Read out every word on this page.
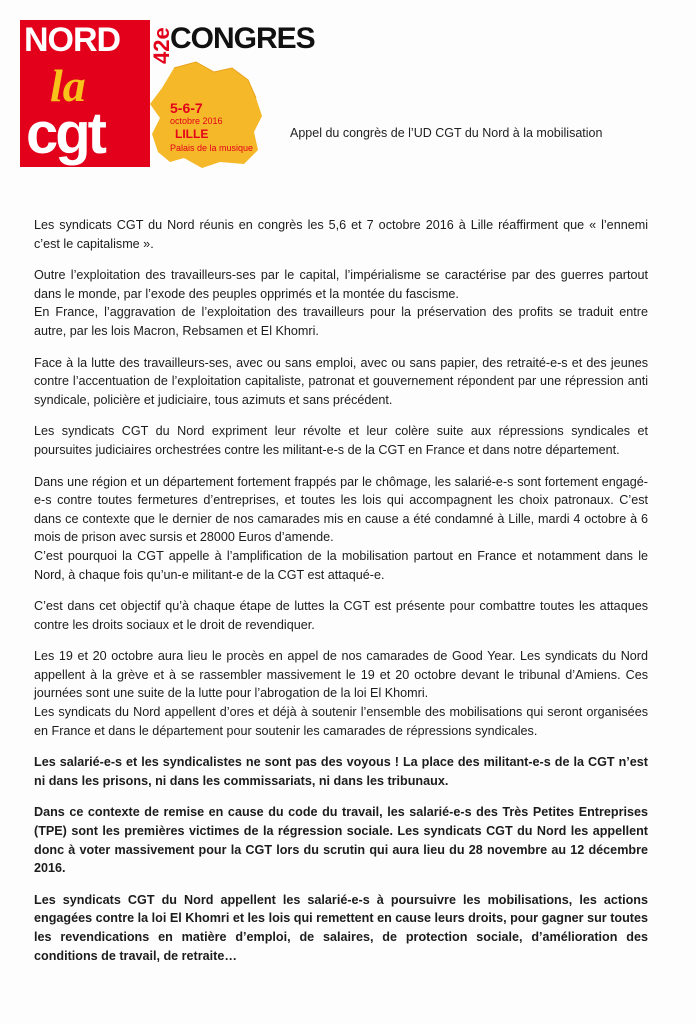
NORD
la
cgt
42e
CONGRES
5-6-7
octobre 2016
LILLE
Palais de la musique
Appel du congrès de l’UD CGT du Nord à la mobilisation

Les syndicats CGT du Nord réunis en congrès les 5,6 et 7 octobre 2016 à Lille réaffirment que « l’ennemi c’est le capitalisme ».

Outre l’exploitation des travailleurs-ses par le capital, l’impérialisme se caractérise par des guerres partout dans le monde, par l’exode des peuples opprimés et la montée du fascisme.

En France, l’aggravation de l’exploitation des travailleurs pour la préservation des profits se traduit entre autre, par les lois Macron, Rebsamen et El Khomri.

Face à la lutte des travailleurs-ses, avec ou sans emploi, avec ou sans papier, des retraité-e-s et des jeunes contre l’accentuation de l’exploitation capitaliste, patronat et gouvernement répondent par une répression anti syndicale, policière et judiciaire, tous azimuts et sans précédent.

Les syndicats CGT du Nord expriment leur révolte et leur colère suite aux répressions syndicales et poursuites judiciaires orchestrées contre les militant-e-s de la CGT en France et dans notre département.

Dans une région et un département fortement frappés par le chômage, les salarié-e-s sont fortement engagé-e-s contre toutes fermetures d’entreprises, et toutes les lois qui accompagnent les choix patronaux. C’est dans ce contexte que le dernier de nos camarades mis en cause a été condamné à Lille, mardi 4 octobre à 6 mois de prison avec sursis et 28000 Euros d’amende.

C’est pourquoi la CGT appelle à l’amplification de la mobilisation partout en France et notamment dans le Nord, à chaque fois qu’un-e militant-e de la CGT est attaqué-e.

C’est dans cet objectif qu’à chaque étape de luttes la CGT est présente pour combattre toutes les attaques contre les droits sociaux et le droit de revendiquer.

Les 19 et 20 octobre aura lieu le procès en appel de nos camarades de Good Year. Les syndicats du Nord appellent à la grève et à se rassembler massivement le 19 et 20 octobre devant le tribunal d’Amiens. Ces journées sont une suite de la lutte pour l’abrogation de la loi El Khomri.

Les syndicats du Nord appellent d’ores et déjà à soutenir l’ensemble des mobilisations qui seront organisées en France et dans le département pour soutenir les camarades de répressions syndicales.

Les salarié-e-s et les syndicalistes ne sont pas des voyous ! La place des militant-e-s de la CGT n’est ni dans les prisons, ni dans les commissariats, ni dans les tribunaux.

Dans ce contexte de remise en cause du code du travail, les salarié-e-s des Très Petites Entreprises (TPE) sont les premières victimes de la régression sociale. Les syndicats CGT du Nord les appellent donc à voter massivement pour la CGT lors du scrutin qui aura lieu du 28 novembre au 12 décembre 2016.

Les syndicats CGT du Nord appellent les salarié-e-s à poursuivre les mobilisations, les actions engagées contre la loi El Khomri et les lois qui remettent en cause leurs droits, pour gagner sur toutes les revendications en matière d’emploi, de salaires, de protection sociale, d’amélioration des conditions de travail, de retraite…
